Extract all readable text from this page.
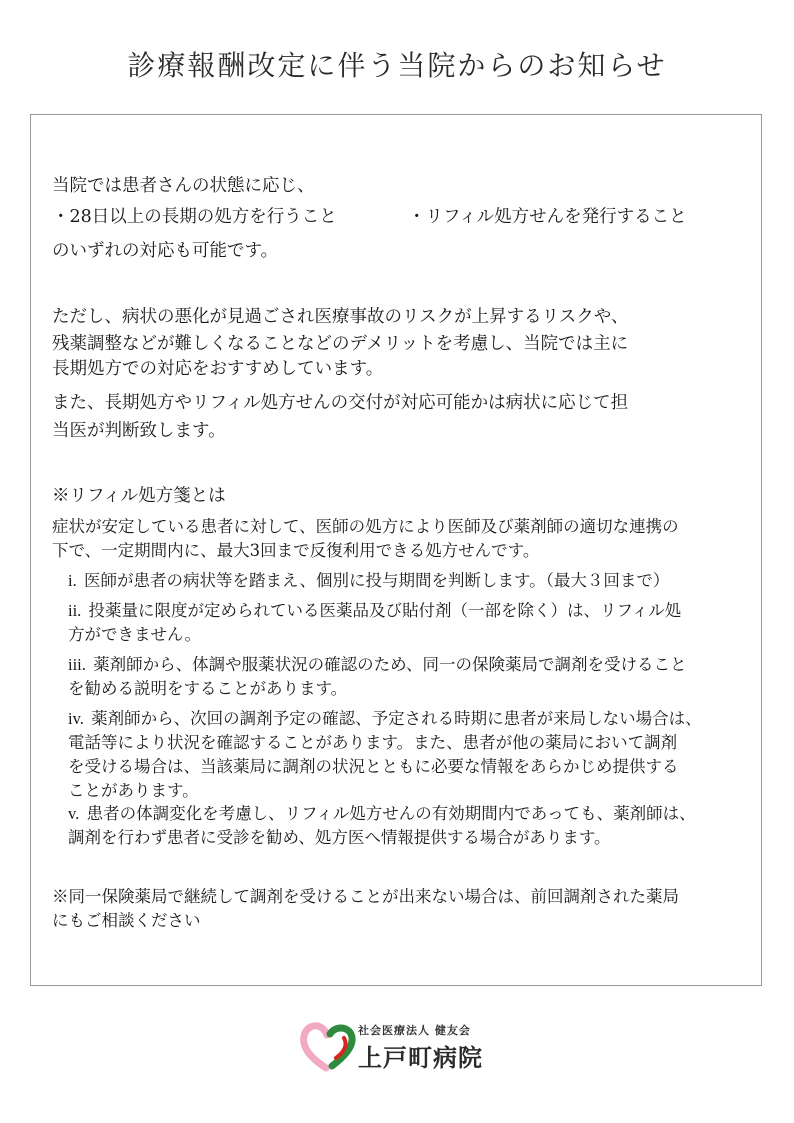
診療報酬改定に伴う当院からのお知らせ
当院では患者さんの状態に応じ、
・28日以上の長期の処方を行うこと	・リフィル処方せんを発行すること
のいずれの対応も可能です。
ただし、病状の悪化が見過ごされ医療事故のリスクが上昇するリスクや、
残薬調整などが難しくなることなどのデメリットを考慮し、当院では主に
長期処方での対応をおすすめしています。
また、長期処方やリフィル処方せんの交付が対応可能かは病状に応じて担
当医が判断致します。
※リフィル処方箋とは
症状が安定している患者に対して、医師の処方により医師及び薬剤師の適切な連携の
下で、一定期間内に、最大3回まで反復利用できる処方せんです。
i. 医師が患者の病状等を踏まえ、個別に投与期間を判断します。（最大３回まで）
ii. 投薬量に限度が定められている医薬品及び貼付剤（一部を除く）は、リフィル処
方ができません。
iii. 薬剤師から、体調や服薬状況の確認のため、同一の保険薬局で調剤を受けること
を勧める説明をすることがあります。
iv. 薬剤師から、次回の調剤予定の確認、予定される時期に患者が来局しない場合は、
電話等により状況を確認することがあります。また、患者が他の薬局において調剤
を受ける場合は、当該薬局に調剤の状況とともに必要な情報をあらかじめ提供する
ことがあります。
v. 患者の体調変化を考慮し、リフィル処方せんの有効期間内であっても、薬剤師は、
調剤を行わず患者に受診を勧め、処方医へ情報提供する場合があります。
※同一保険薬局で継続して調剤を受けることが出来ない場合は、前回調剤された薬局
にもご相談ください
社会医療法人 健友会
上戸町病院
